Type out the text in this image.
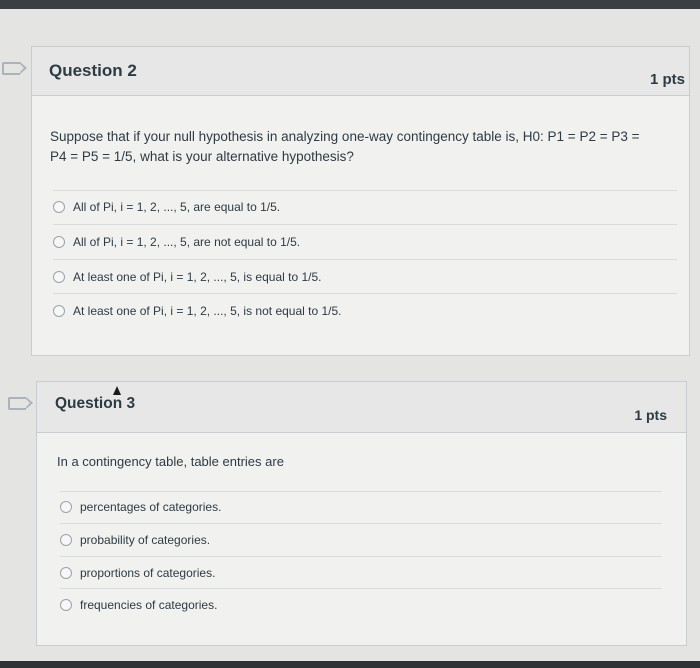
Question 2	1 pts
Suppose that if your null hypothesis in analyzing one-way contingency table is, H0: P1 = P2 = P3 =
P4 = P5 = 1/5, what is your alternative hypothesis?
All of Pi, i = 1, 2, ..., 5, are equal to 1/5.
All of Pi, i = 1, 2, ..., 5, are not equal to 1/5.
At least one of Pi, i = 1, 2, ..., 5, is equal to 1/5.
At least one of Pi, i = 1, 2, ..., 5, is not equal to 1/5.
Question 3
1 pts
In a contingency table, table entries are
percentages of categories.
probability of categories.
proportions of categories.
frequencies of categories.
